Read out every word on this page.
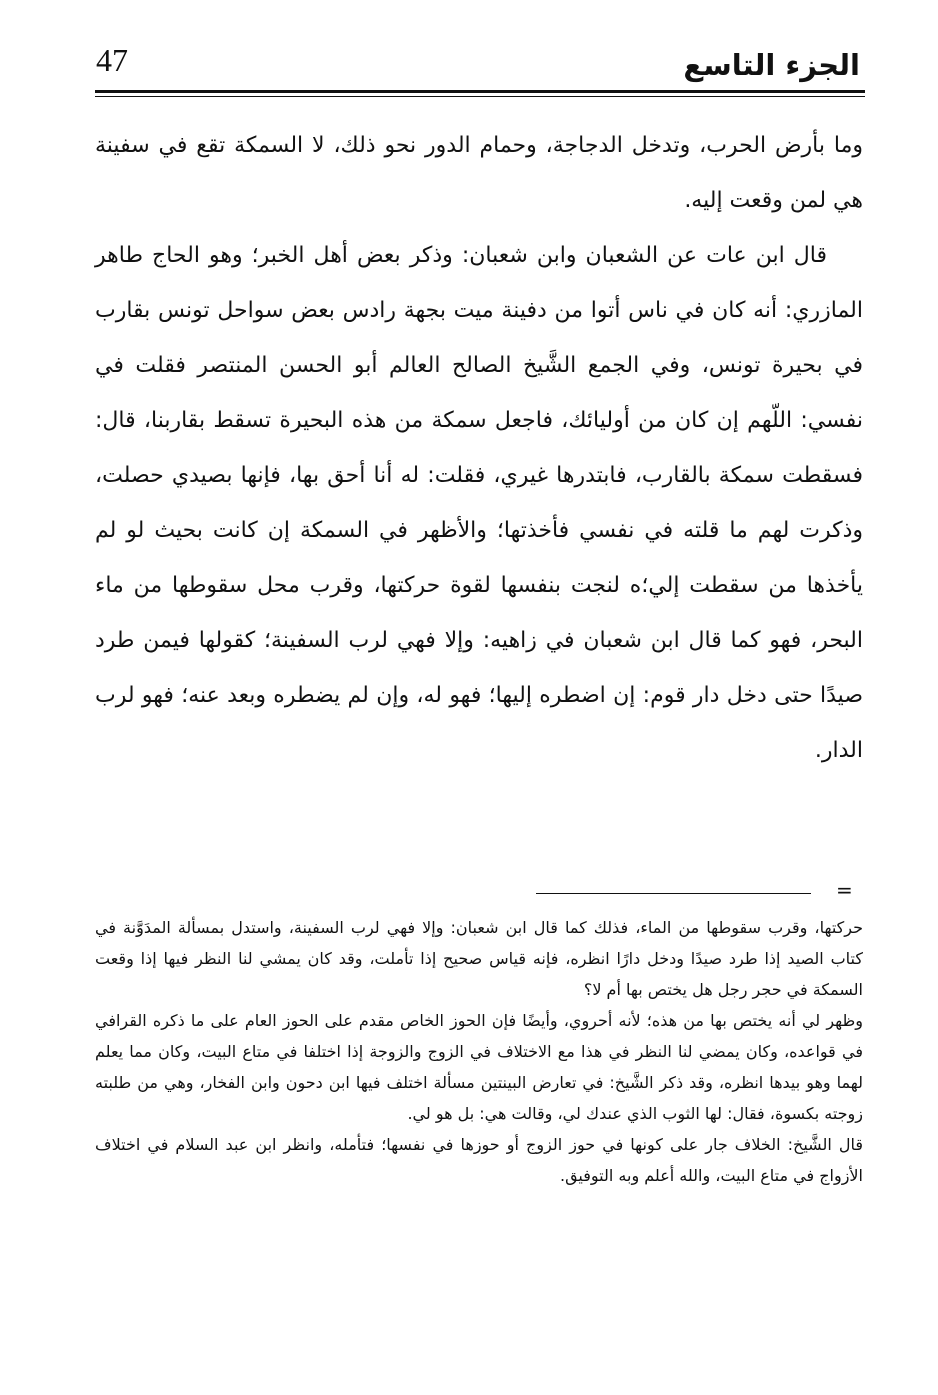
47	الجزء التاسع

وما بأرض الحرب، وتدخل الدجاجة، وحمام الدور نحو ذلك، لا السمكة تقع في سفينة هي لمن وقعت إليه.

قال ابن عات عن الشعبان وابن شعبان: وذكر بعض أهل الخبر؛ وهو الحاج طاهر المازري: أنه كان في ناس أتوا من دفينة ميت بجهة رادس بعض سواحل تونس بقارب في بحيرة تونس، وفي الجمع الشَّيخ الصالح العالم أبو الحسن المنتصر فقلت في نفسي: اللّهم إن كان من أوليائك، فاجعل سمكة من هذه البحيرة تسقط بقاربنا، قال: فسقطت سمكة بالقارب، فابتدرها غيري، فقلت: له أنا أحق بها، فإنها بصيدي حصلت، وذكرت لهم ما قلته في نفسي فأخذتها؛ والأظهر في السمكة إن كانت بحيث لو لم يأخذها من سقطت إلي؛ه لنجت بنفسها لقوة حركتها، وقرب محل سقوطها من ماء البحر، فهو كما قال ابن شعبان في زاهيه: وإلا فهي لرب السفينة؛ كقولها فيمن طرد صيدًا حتى دخل دار قوم: إن اضطره إليها؛ فهو له، وإن لم يضطره وبعد عنه؛ فهو لرب الدار.

=

حركتها، وقرب سقوطها من الماء، فذلك كما قال ابن شعبان: وإلا فهي لرب السفينة، واستدل بمسألة المدَوَّنة في كتاب الصيد إذا طرد صيدًا ودخل دارًا انظره، فإنه قياس صحيح إذا تأملت، وقد كان يمشي لنا النظر فيها إذا وقعت السمكة في حجر رجل هل يختص بها أم لا؟

وظهر لي أنه يختص بها من هذه؛ لأنه أحروي، وأيضًا فإن الحوز الخاص مقدم على الحوز العام على ما ذكره القرافي في قواعده، وكان يمضي لنا النظر في هذا مع الاختلاف في الزوج والزوجة إذا اختلفا في متاع البيت، وكان مما يعلم لهما وهو بيدها انظره، وقد ذكر الشَّيخ: في تعارض البينتين مسألة اختلف فيها ابن دحون وابن الفخار، وهي من طلبته زوجته بكسوة، فقال: لها الثوب الذي عندك لي، وقالت هي: بل هو لي.

قال الشَّيخ: الخلاف جار على كونها في حوز الزوج أو حوزها في نفسها؛ فتأمله، وانظر ابن عبد السلام في اختلاف الأزواج في متاع البيت، والله أعلم وبه التوفيق.
